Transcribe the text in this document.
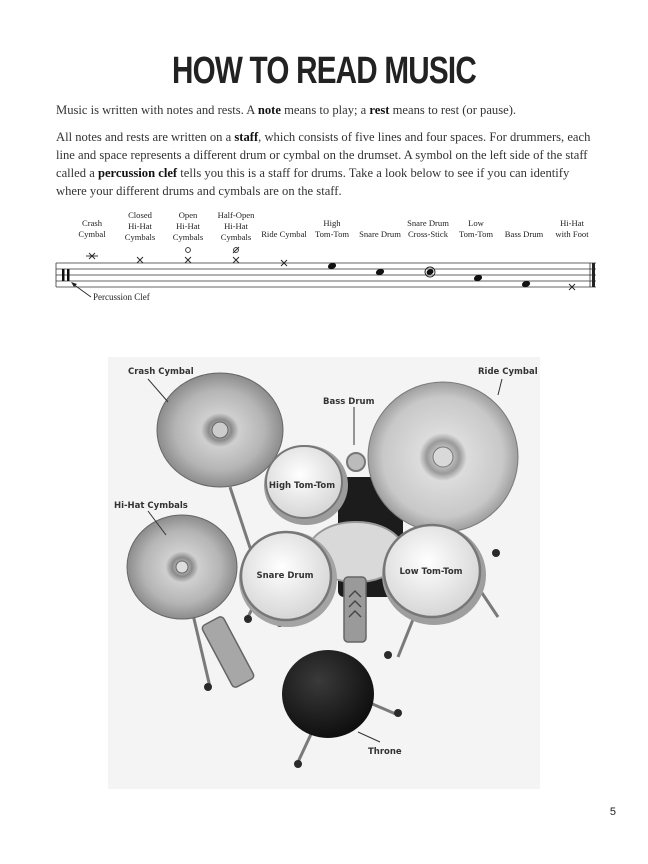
HOW TO READ MUSIC
Music is written with notes and rests. A note means to play; a rest means to rest (or pause).
All notes and rests are written on a staff, which consists of five lines and four spaces. For drummers, each line and space represents a different drum or cymbal on the drumset. A symbol on the left side of the staff called a percussion clef tells you this is a staff for drums. Take a look below to see if you can identify where your different drums and cymbals are on the staff.
Crash
Cymbal
Closed
Hi-Hat
Cymbals
Open
Hi-Hat
Cymbals
Half-Open
Hi-Hat
Cymbals Ride Cymbal
High
Tom-Tom Snare Drum
Snare Drum
Cross-Stick
Low
Tom-Tom Bass Drum
Hi-Hat
with Foot
Percussion Clef
Crash Cymbal	Ride Cymbal
Bass Drum
High Tom-Tom
Hi-Hat Cymbals
Snare Drum	Low Tom-Tom
Throne
5
